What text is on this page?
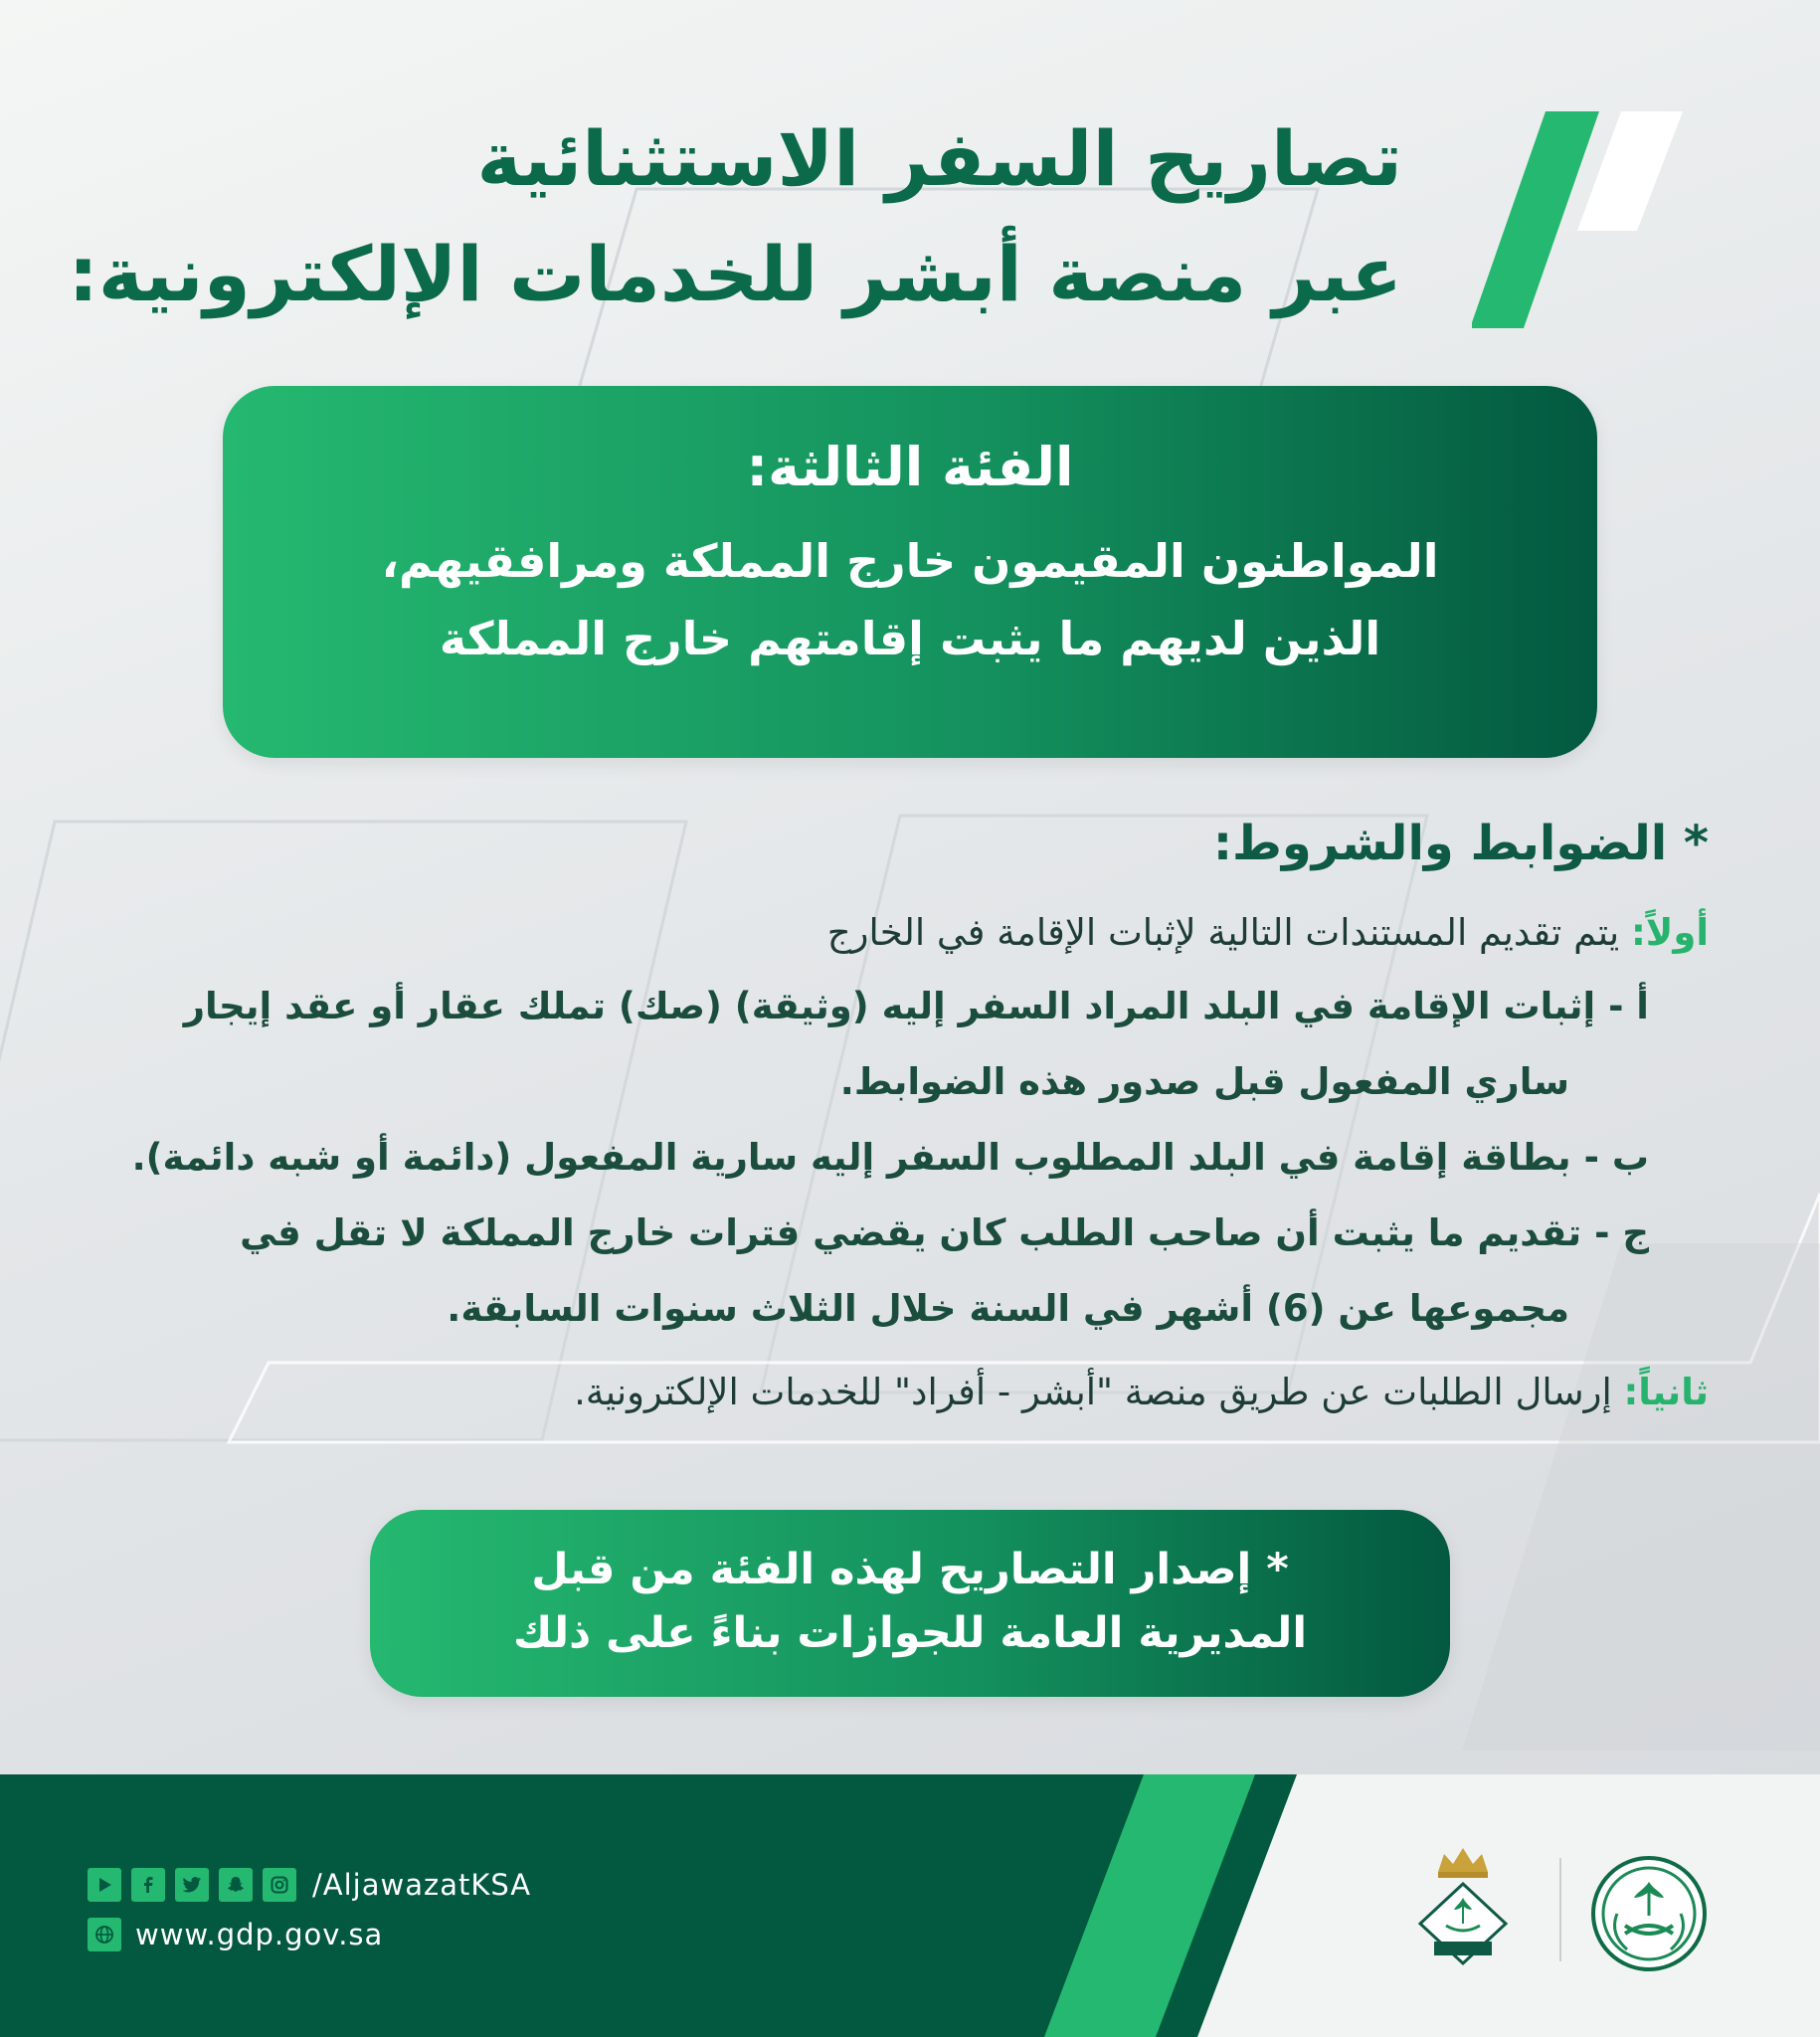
تصاريح السفر الاستثنائية
عبر منصة أبشر للخدمات الإلكترونية:
الفئة الثالثة:
المواطنون المقيمون خارج المملكة ومرافقيهم،
الذين لديهم ما يثبت إقامتهم خارج المملكة
* الضوابط والشروط:
أولاً: يتم تقديم المستندات التالية لإثبات الإقامة في الخارج
أ - إثبات الإقامة في البلد المراد السفر إليه (وثيقة) (صك) تملك عقار أو عقد إيجار
ساري المفعول قبل صدور هذه الضوابط.
ب - بطاقة إقامة في البلد المطلوب السفر إليه سارية المفعول (دائمة أو شبه دائمة).
ج - تقديم ما يثبت أن صاحب الطلب كان يقضي فترات خارج المملكة لا تقل في
مجموعها عن (6) أشهر في السنة خلال الثلاث سنوات السابقة.
ثانياً: إرسال الطلبات عن طريق منصة "أبشر - أفراد" للخدمات الإلكترونية.
* إصدار التصاريح لهذه الفئة من قبل
المديرية العامة للجوازات بناءً على ذلك
/AljawazatKSA
www.gdp.gov.sa
